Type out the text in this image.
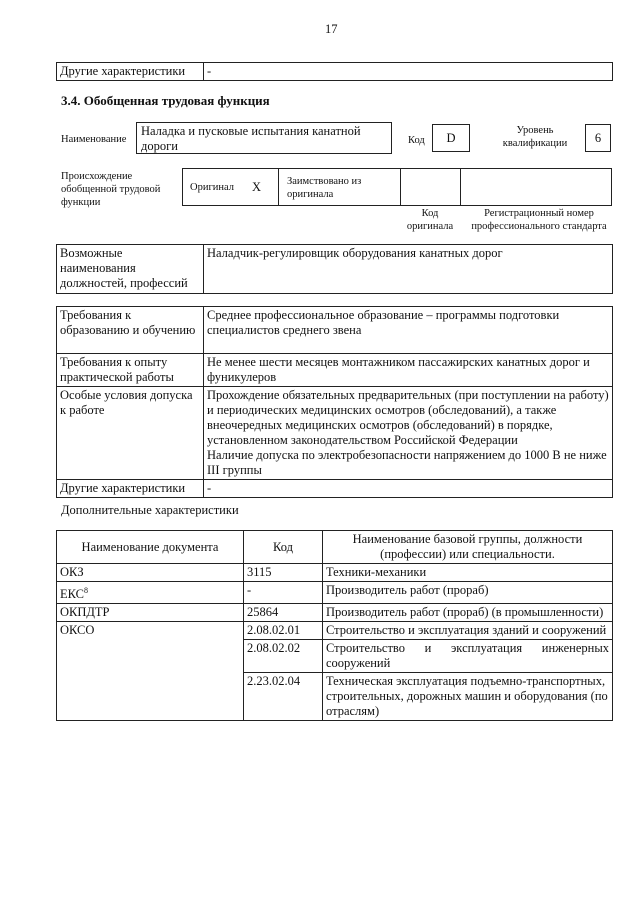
17
Другие характеристики	-
3.4. Обобщенная трудовая функция
Наименование
Наладка и пусковые испытания канатной дороги	Код	D
Уровень квалификации	6
Происхождение обобщенной трудовой функции
Оригинал X Заимствовано из оригинала
Код оригинала
Регистрационный номер профессионального стандарта
Возможные наименования должностей, профессий	Наладчик-регулировщик оборудования канатных дорог
Требования к образованию и обучению	Среднее профессиональное образование – программы подготовки специалистов среднего звена
Требования к опыту практической работы	Не менее шести месяцев монтажником пассажирских канатных дорог и фуникулеров
Особые условия допуска к работе	Прохождение обязательных предварительных (при поступлении на работу) и периодических медицинских осмотров (обследований), а также внеочередных медицинских осмотров (обследований) в порядке, установленном законодательством Российской Федерации
Наличие допуска по электробезопасности напряжением до 1000 В не ниже III группы

Другие характеристики	-
Дополнительные характеристики
Наименование документа	Код	Наименование базовой группы, должности (профессии) или специальности.
ОКЗ	3115	Техники-механики
ЕКС$^8$	-	Производитель работ (прораб)
ОКПДТР	25864	Производитель работ (прораб) (в промышленности)
ОКСО	2.08.02.01	Строительство и эксплуатация зданий и сооружений
	2.08.02.02	Строительство и эксплуатация инженерных сооружений
	2.23.02.04	Техническая эксплуатация подъемно-транспортных, строительных, дорожных машин и оборудования (по отраслям)
